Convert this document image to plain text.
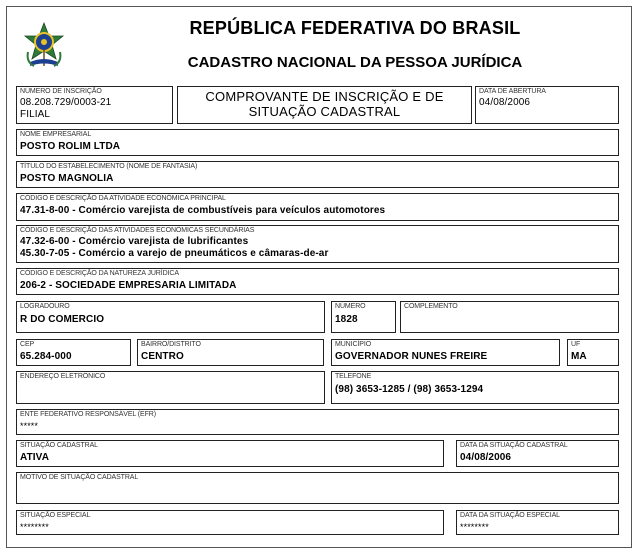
REPÚBLICA FEDERATIVA DO BRASIL
CADASTRO NACIONAL DA PESSOA JURÍDICA
NÚMERO DE INSCRIÇÃO
08.208.729/0003-21
FILIAL
COMPROVANTE DE INSCRIÇÃO E DE
SITUAÇÃO CADASTRAL
DATA DE ABERTURA
04/08/2006
NOME EMPRESARIAL
POSTO ROLIM LTDA
TÍTULO DO ESTABELECIMENTO (NOME DE FANTASIA)
POSTO MAGNOLIA
CÓDIGO E DESCRIÇÃO DA ATIVIDADE ECONÔMICA PRINCIPAL
47.31-8-00 - Comércio varejista de combustíveis para veículos automotores
CÓDIGO E DESCRIÇÃO DAS ATIVIDADES ECONÔMICAS SECUNDÁRIAS
47.32-6-00 - Comércio varejista de lubrificantes
45.30-7-05 - Comércio a varejo de pneumáticos e câmaras-de-ar
CÓDIGO E DESCRIÇÃO DA NATUREZA JURÍDICA
206-2 - SOCIEDADE EMPRESARIA LIMITADA
LOGRADOURO
R DO COMERCIO
NÚMERO
1828
COMPLEMENTO
CEP
65.284-000
BAIRRO/DISTRITO
CENTRO
MUNICÍPIO
GOVERNADOR NUNES FREIRE
UF
MA
ENDEREÇO ELETRÔNICO	TELEFONE
(98) 3653-1285 / (98) 3653-1294
ENTE FEDERATIVO RESPONSÁVEL (EFR)
*****
SITUAÇÃO CADASTRAL
ATIVA
DATA DA SITUAÇÃO CADASTRAL
04/08/2006
MOTIVO DE SITUAÇÃO CADASTRAL
SITUAÇÃO ESPECIAL
********
DATA DA SITUAÇÃO ESPECIAL
********
